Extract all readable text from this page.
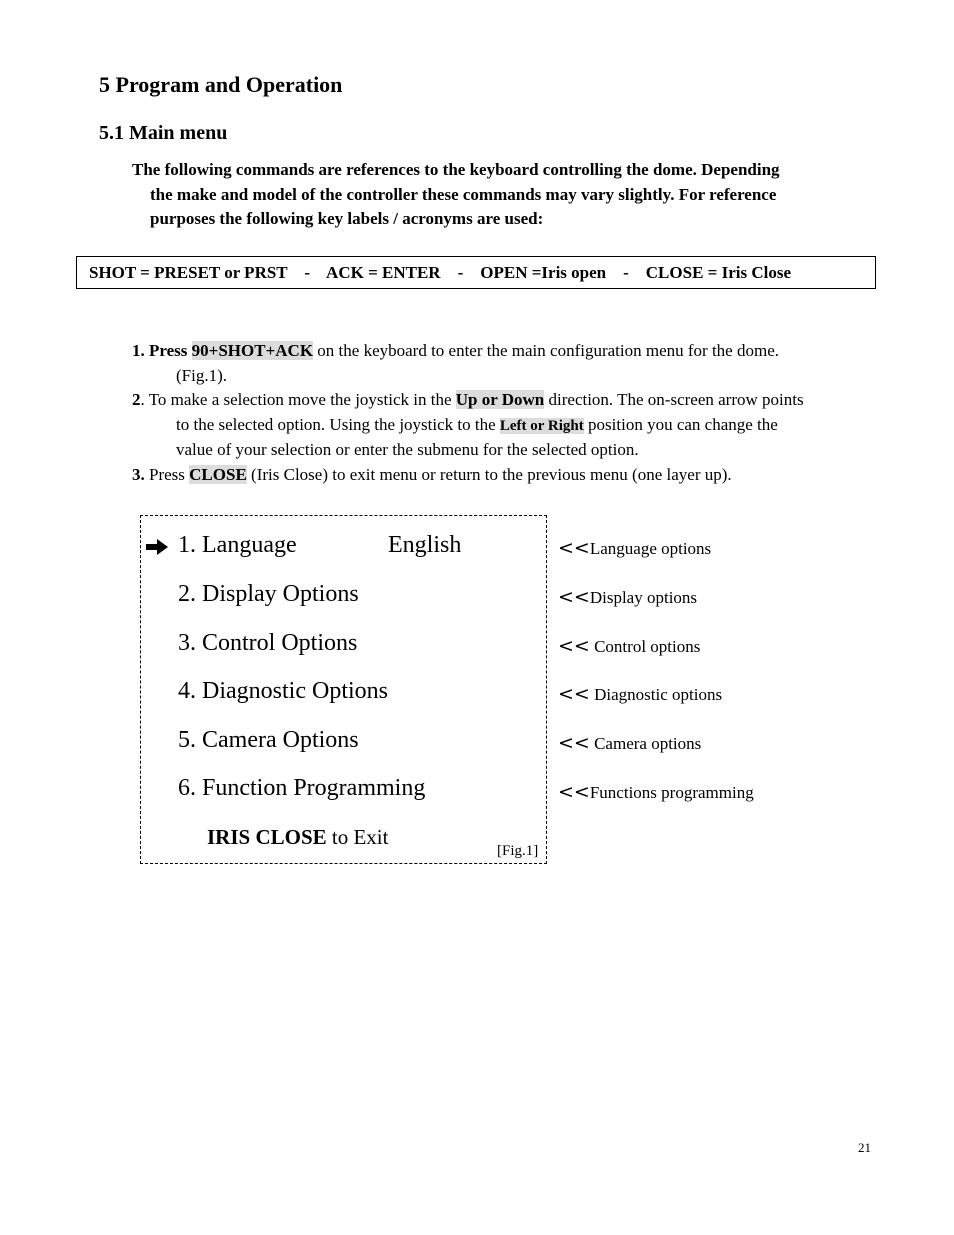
5 Program and Operation
5.1 Main menu
The following commands are references to the keyboard controlling the dome. Depending
the make and model of the controller these commands may vary slightly. For reference
purposes the following key labels / acronyms are used:
SHOT = PRESET or PRST    -    ACK = ENTER    -    OPEN =Iris open    -    CLOSE = Iris Close

1. Press 90+SHOT+ACK on the keyboard to enter the main configuration menu for the dome.
(Fig.1).

2. To make a selection move the joystick in the Up or Down direction. The on-screen arrow points
to the selected option. Using the joystick to the Left or Right position you can change the
value of your selection or enter the submenu for the selected option.

3. Press CLOSE (Iris Close) to exit menu or return to the previous menu (one layer up).

1. Language	English
2. Display Options
3. Control Options
4. Diagnostic Options
5. Camera Options
6. Function Programming
IRIS CLOSE to Exit
[Fig.1]
<<Language options
<<Display options
<< Control options
<< Diagnostic options
<< Camera options
<<Functions programming
21
